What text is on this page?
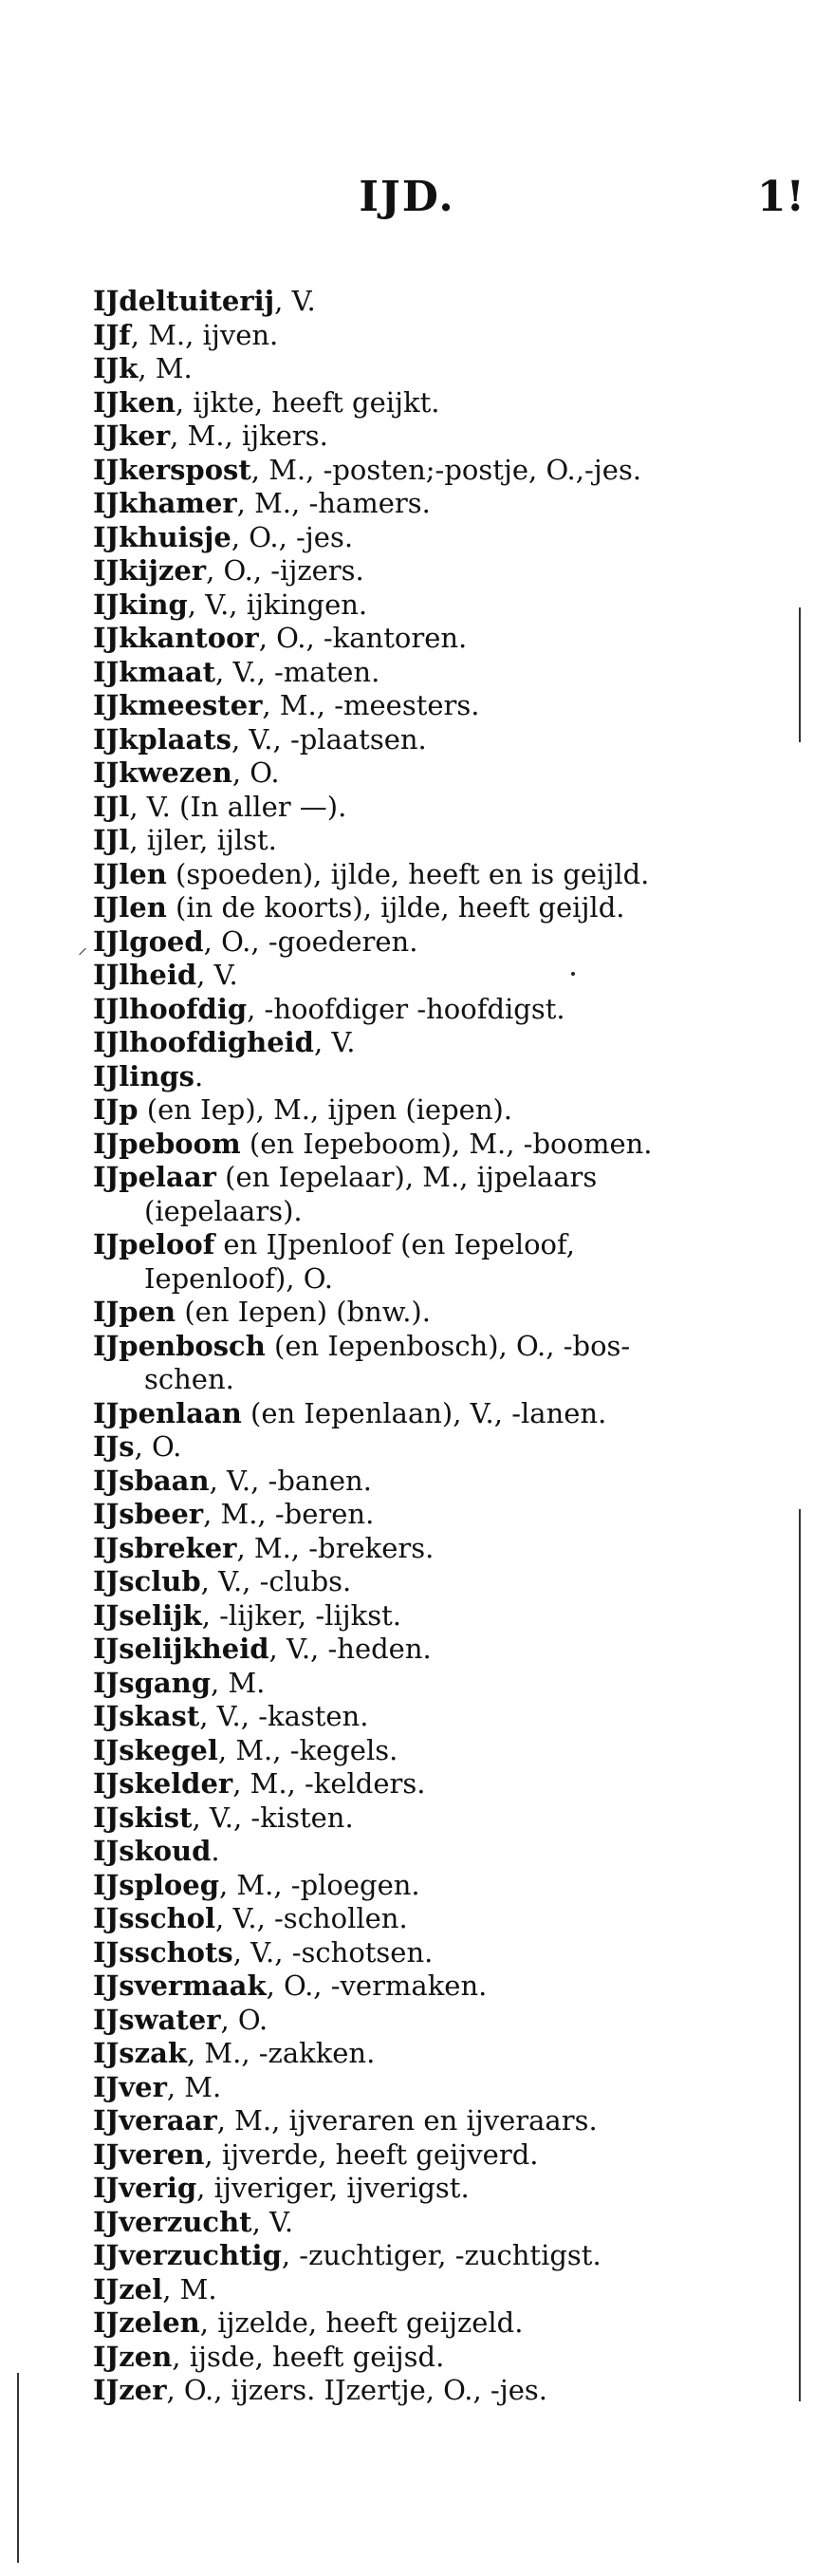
IJD.	1!
⸍
IJdeltuiterij, V.
IJf, M., ijven.
IJk, M.
IJken, ijkte, heeft geijkt.
IJker, M., ijkers.
IJkerspost, M., -posten;-postje, O.,-jes.
IJkhamer, M., -hamers.
IJkhuisje, O., -jes.
IJkijzer, O., -ijzers.
IJking, V., ijkingen.
IJkkantoor, O., -kantoren.
IJkmaat, V., -maten.
IJkmeester, M., -meesters.
IJkplaats, V., -plaatsen.
IJkwezen, O.
IJl, V. (In aller —).
IJl, ijler, ijlst.
IJlen (spoeden), ijlde, heeft en is geijld.
IJlen (in de koorts), ijlde, heeft geijld.
IJlgoed, O., -goederen.
IJlheid, V.
IJlhoofdig, -hoofdiger -hoofdigst.
IJlhoofdigheid, V.
IJlings.
IJp (en Iep), M., ijpen (iepen).
IJpeboom (en Iepeboom), M., -boomen.
IJpelaar (en Iepelaar), M., ijpelaars
(iepelaars).
IJpeloof en IJpenloof (en Iepeloof,
Iepenloof), O.
IJpen (en Iepen) (bnw.).
IJpenbosch (en Iepenbosch), O., -bos-
schen.
IJpenlaan (en Iepenlaan), V., -lanen.
IJs, O.
IJsbaan, V., -banen.
IJsbeer, M., -beren.
IJsbreker, M., -brekers.
IJsclub, V., -clubs.
IJselijk, -lijker, -lijkst.
IJselijkheid, V., -heden.
IJsgang, M.
IJskast, V., -kasten.
IJskegel, M., -kegels.
IJskelder, M., -kelders.
IJskist, V., -kisten.
IJskoud.
IJsploeg, M., -ploegen.
IJsschol, V., -schollen.
IJsschots, V., -schotsen.
IJsvermaak, O., -vermaken.
IJswater, O.
IJszak, M., -zakken.
IJver, M.
IJveraar, M., ijveraren en ijveraars.
IJveren, ijverde, heeft geijverd.
IJverig, ijveriger, ijverigst.
IJverzucht, V.
IJverzuchtig, -zuchtiger, -zuchtigst.
IJzel, M.
IJzelen, ijzelde, heeft geijzeld.
IJzen, ijsde, heeft geijsd.
IJzer, O., ijzers. IJzertje, O., -jes.
